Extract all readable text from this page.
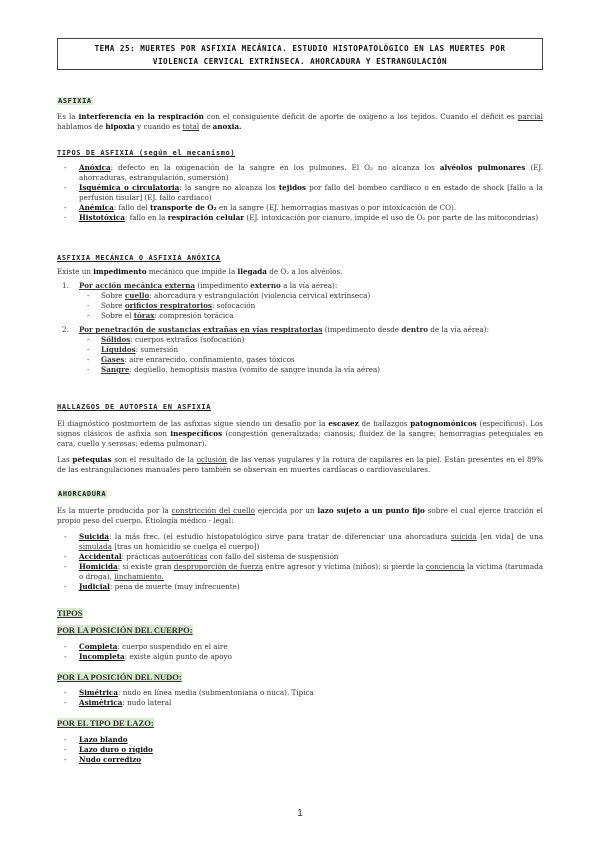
TEMA 25: MUERTES POR ASFIXIA MECÁNICA. ESTUDIO HISTOPATOLÓGICO EN LAS MUERTES POR
VIOLENCIA CERVICAL EXTRÍNSECA. AHORCADURA Y ESTRANGULACIÓN
ASFIXIA
Es la interferencia en la respiración con el consiguiente déficit de aporte de oxígeno a los tejidos. Cuando el déficit es parcial hablamos de hipoxia y cuando es total de anoxia.
TIPOS DE ASFIXIA (según el mecanismo)
- Anóxica: defecto en la oxigenación de la sangre en los pulmones. El O₂ no alcanza los alvéolos pulmonares (EJ. ahorcaduras, estrangulación, sumersión)
- Isquémica o circulatoria: la sangre no alcanza los tejidos por fallo del bombeo cardiaco o en estado de shock [fallo a la perfusión tisular] (EJ. fallo cardiaco)
- Anémica: fallo del transporte de O₂ en la sangre (EJ. hemorragias masivas o por intoxicación de CO).
- Histotóxica: fallo en la respiración celular (EJ. intoxicación por cianuro, impide el uso de O₂ por parte de las mitocondrias)
ASFIXIA MECÁNICA O ASFIXIA ANÓXICA
Existe un impedimento mecánico que impide la llegada de O₂ a los alvéolos.
1. Por acción mecánica externa (impedimento externo a la vía aérea):
- Sobre cuello: ahorcadura y estrangulación (violencia cervical extrínseca)
- Sobre orificios respiratorios: sofocación
- Sobre el tórax: compresión torácica
2. Por penetración de sustancias extrañas en vías respiratorias (impedimento desde dentro de la vía aérea):
- Sólidos: cuerpos extraños (sofocación)
- Líquidos: sumersión
- Gases: aire enrarecido, confinamiento, gases tóxicos
- Sangre: degüello, hemoptisis masiva (vómito de sangre inunda la vía aérea)
HALLAZGOS DE AUTOPSIA EN ASFIXIA
El diagnóstico postmortem de las asfixias sigue siendo un desafío por la escasez de hallazgos patognomónicos (específicos). Los signos clásicos de asfixia son inespecíficos (congestión generalizada; cianosis; fluidez de la sangre; hemorragias petequiales en cara, cuello y serosas; edema pulmonar).
Las petequias son el resultado de la oclusión de las venas yugulares y la rotura de capilares en la piel. Están presentes en el 89% de las estrangulaciones manuales pero también se observan en muertes cardíacas o cardiovasculares.
AHORCADURA
Es la muerte producida por la constricción del cuello ejercida por un lazo sujeto a un punto fijo sobre el cual ejerce tracción el propio peso del cuerpo. Etiología médico - legal:
- Suicida: la más frec. (el estudio histopatológico sirve para tratar de diferenciar una ahorcadura suicida [en vida] de una simulada [tras un homicidio se cuelga el cuerpo])
- Accidental: prácticas autoeróticas con fallo del sistema de suspensión
- Homicida: si existe gran desproporción de fuerza entre agresor y víctima (niños); si pierde la conciencia la víctima (tarumada o droga), linchamiento.
- Judicial: pena de muerte (muy infrecuente)
TIPOS
POR LA POSICIÓN DEL CUERPO:
- Completa: cuerpo suspendido en el aire
- Incompleta: existe algún punto de apoyo
POR LA POSICIÓN DEL NUDO:
- Simétrica: nudo en línea media (submentoniana o nuca). Típica
- Asimétrica: nudo lateral
POR EL TIPO DE LAZO:
- Lazo blando
- Lazo duro o rígido
- Nudo corredizo
1
